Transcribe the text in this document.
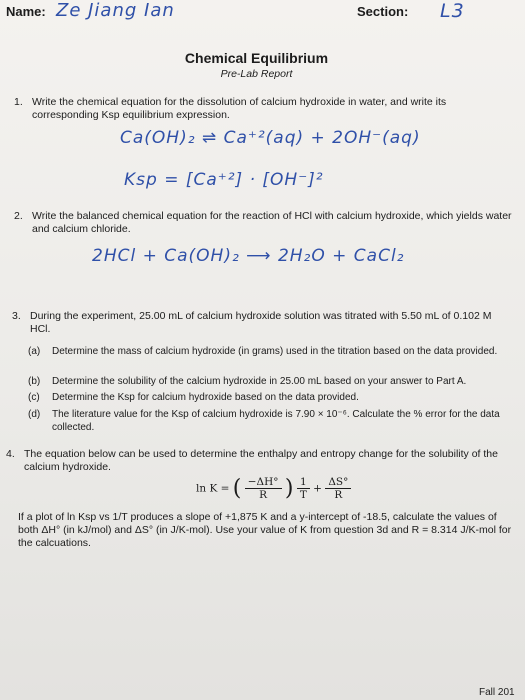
Name: Ze Jiang Ian	Section: L3
Chemical Equilibrium
Pre-Lab Report
1. Write the chemical equation for the dissolution of calcium hydroxide in water, and write its corresponding Ksp equilibrium expression.
Ca(OH)₂ ⇌ Ca⁺²(aq) + 2OH⁻(aq)
Ksp = [Ca⁺²] · [OH⁻]²
2. Write the balanced chemical equation for the reaction of HCl with calcium hydroxide, which yields water and calcium chloride.
2HCl + Ca(OH)₂ ⟶ 2H₂O + CaCl₂
3. During the experiment, 25.00 mL of calcium hydroxide solution was titrated with 5.50 mL of 0.102 M HCl.
(a) Determine the mass of calcium hydroxide (in grams) used in the titration based on the data provided.
(b) Determine the solubility of the calcium hydroxide in 25.00 mL based on your answer to Part A.
(c) Determine the Ksp for calcium hydroxide based on the data provided.
(d) The literature value for the Ksp of calcium hydroxide is 7.90 × 10⁻⁶. Calculate the % error for the data collected.
4. The equation below can be used to determine the enthalpy and entropy change for the solubility of the calcium hydroxide.
ln K = ( $\frac{-\Delta H^\circ}{R}$ ) $\frac{1}{T} + \frac{\Delta S^\circ}{R}$
If a plot of ln Ksp vs 1/T produces a slope of +1,875 K and a y-intercept of -18.5, calculate the values of both ΔH° (in kJ/mol) and ΔS° (in J/K-mol). Use your value of K from question 3d and R = 8.314 J/K-mol for the calcuations.
Fall 201
